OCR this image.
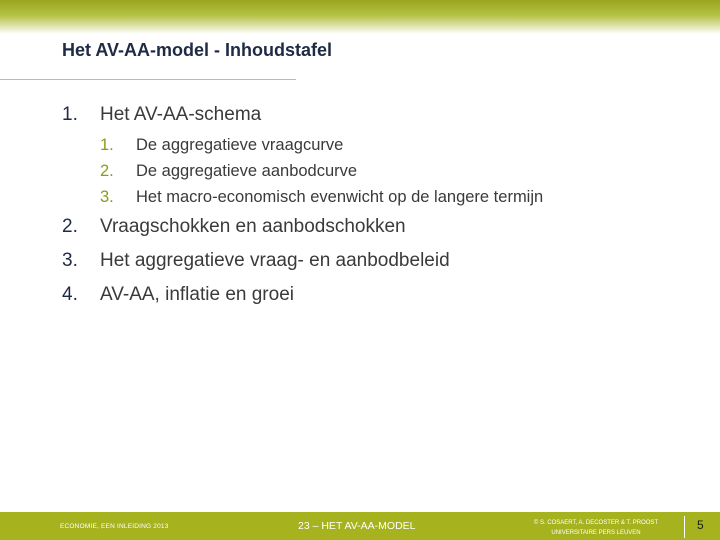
Het AV-AA-model - Inhoudstafel
1. Het AV-AA-schema
1. De aggregatieve vraagcurve
2. De aggregatieve aanbodcurve
3. Het macro-economisch evenwicht op de langere termijn
2. Vraagschokken en aanbodschokken
3. Het aggregatieve vraag- en aanbodbeleid
4. AV-AA, inflatie en groei
ECONOMIE, EEN INLEIDING 2013	23 – HET AV-AA-MODEL	© S. COSAERT, A. DECOSTER & T. PROOST
UNIVERSITAIRE PERS LEUVEN
5
